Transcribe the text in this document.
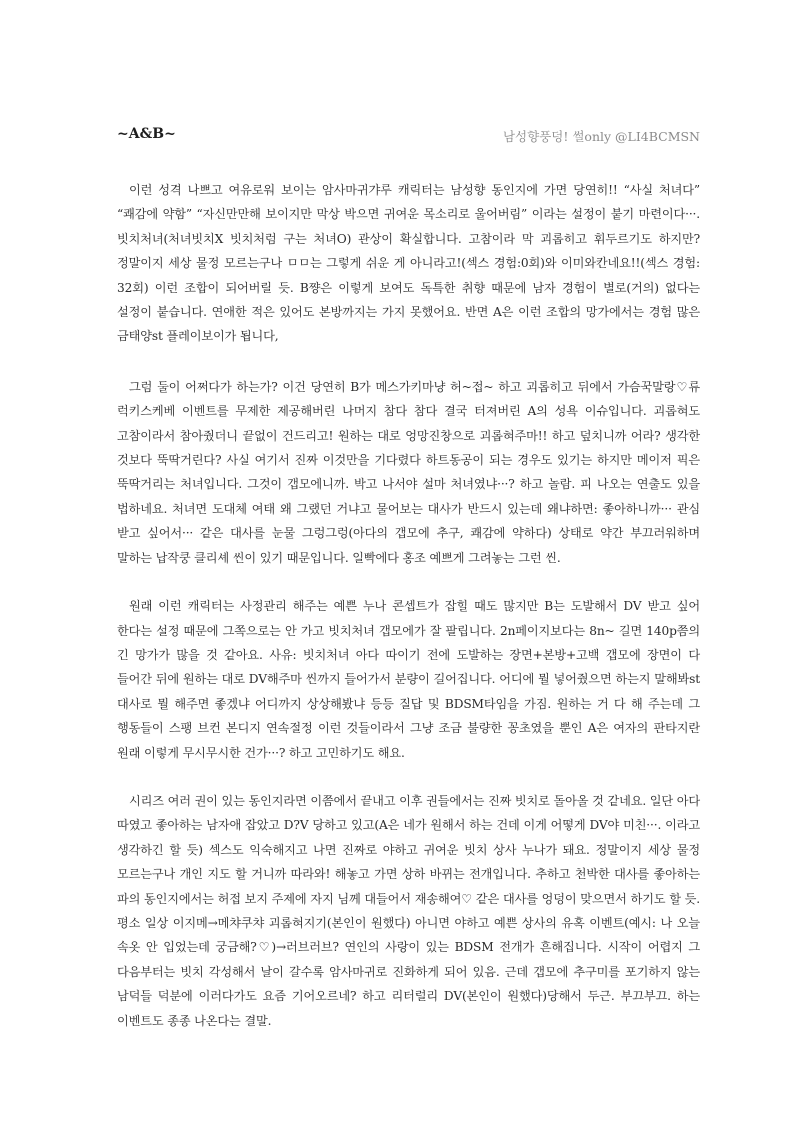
~A&B~	남성향풍덩! 썰only @LI4BCMSN

이런 성격 나쁘고 여유로워 보이는 암사마귀갸루 캐릭터는 남성향 동인지에 가면 당연히!! “사실 처녀다” “쾌감에 약함” “자신만만해 보이지만 막상 박으면 귀여운 목소리로 울어버림” 이라는 설정이 붙기 마련이다···. 빗치처녀(처녀빗치X 빗치처럼 구는 처녀O) 관상이 확실합니다. 고참이라 막 괴롭히고 휘두르기도 하지만? 정말이지 세상 물정 모르는구나 ㅁㅁ는 그렇게 쉬운 게 아니라고!(섹스 경험:0회)와 이미와칸네요!!(섹스 경험: 32회) 이런 조합이 되어버릴 듯. B쨩은 이렇게 보여도 독특한 취향 때문에 남자 경험이 별로(거의) 없다는 설정이 붙습니다. 연애한 적은 있어도 본방까지는 가지 못했어요. 반면 A은 이런 조합의 망가에서는 경험 많은 금태양st 플레이보이가 됩니다,

그럼 둘이 어쩌다가 하는가? 이건 당연히 B가 메스가키마냥 허~접~ 하고 괴롭히고 뒤에서 가슴꾹말랑♡류 럭키스케베 이벤트를 무제한 제공해버린 나머지 참다 참다 결국 터져버린 A의 성욕 이슈입니다. 괴롭혀도 고참이라서 참아줬더니 끝없이 건드리고! 원하는 대로 엉망진창으로 괴롭혀주마!! 하고 덮치니까 어라? 생각한 것보다 뚝딱거린다? 사실 여기서 진짜 이것만을 기다렸다 하트동공이 되는 경우도 있기는 하지만 메이저 픽은 뚝딱거리는 처녀입니다. 그것이 갭모에니까. 박고 나서야 설마 처녀였냐···? 하고 놀람. 피 나오는 연출도 있을 법하네요. 처녀면 도대체 여태 왜 그랬던 거냐고 물어보는 대사가 반드시 있는데 왜냐하면: 좋아하니까··· 관심 받고 싶어서··· 같은 대사를 눈물 그렁그렁(아다의 갭모에 추구, 쾌감에 약하다) 상태로 약간 부끄러워하며 말하는 납작쿵 클리셰 씬이 있기 때문입니다. 일빡에다 홍조 예쁘게 그려놓는 그런 씬.

원래 이런 캐릭터는 사정관리 해주는 예쁜 누나 콘셉트가 잡힐 때도 많지만 B는 도발해서 DV 받고 싶어 한다는 설정 때문에 그쪽으로는 안 가고 빗치처녀 갭모에가 잘 팔립니다. 2n페이지보다는 8n~ 길면 140p쯤의 긴 망가가 많을 것 같아요. 사유: 빗치처녀 아다 따이기 전에 도발하는 장면+본방+고백 갭모에 장면이 다 들어간 뒤에 원하는 대로 DV해주마 씬까지 들어가서 분량이 길어집니다. 어디에 뭘 넣어줬으면 하는지 말해봐st 대사로 뭘 해주면 좋겠냐 어디까지 상상해봤냐 등등 질답 및 BDSM타임을 가짐. 원하는 거 다 해 주는데 그 행동들이 스팽 브컨 본디지 연속절정 이런 것들이라서 그냥 조금 불량한 꽁초였을 뿐인 A은 여자의 판타지란 원래 이렇게 무시무시한 건가···? 하고 고민하기도 해요.

시리즈 여러 권이 있는 동인지라면 이쯤에서 끝내고 이후 권들에서는 진짜 빗치로 돌아올 것 같네요. 일단 아다 따였고 좋아하는 남자애 잡았고 D?V 당하고 있고(A은 네가 원해서 하는 건데 이게 어떻게 DV야 미친···. 이라고 생각하긴 할 듯) 섹스도 익숙해지고 나면 진짜로 야하고 귀여운 빗치 상사 누나가 돼요. 정말이지 세상 물정 모르는구나 개인 지도 할 거니까 따라와! 해놓고 가면 상하 바뀌는 전개입니다. 추하고 천박한 대사를 좋아하는 파의 동인지에서는 허접 보지 주제에 자지 님께 대들어서 재송해여♡ 같은 대사를 엉덩이 맞으면서 하기도 할 듯. 평소 일상 이지메→메챠쿠챠 괴롭혀지기(본인이 원했다) 아니면 야하고 예쁜 상사의 유혹 이벤트(예시: 나 오늘 속옷 안 입었는데 궁금해?♡)→러브러브? 연인의 사랑이 있는 BDSM 전개가 흔해집니다. 시작이 어렵지 그 다음부터는 빗치 각성해서 날이 갈수록 암사마귀로 진화하게 되어 있음. 근데 갭모에 추구미를 포기하지 않는 남덕들 덕분에 이러다가도 요즘 기어오르네? 하고 리터럴리 DV(본인이 원했다)당해서 두근. 부끄부끄. 하는 이벤트도 종종 나온다는 결말.
